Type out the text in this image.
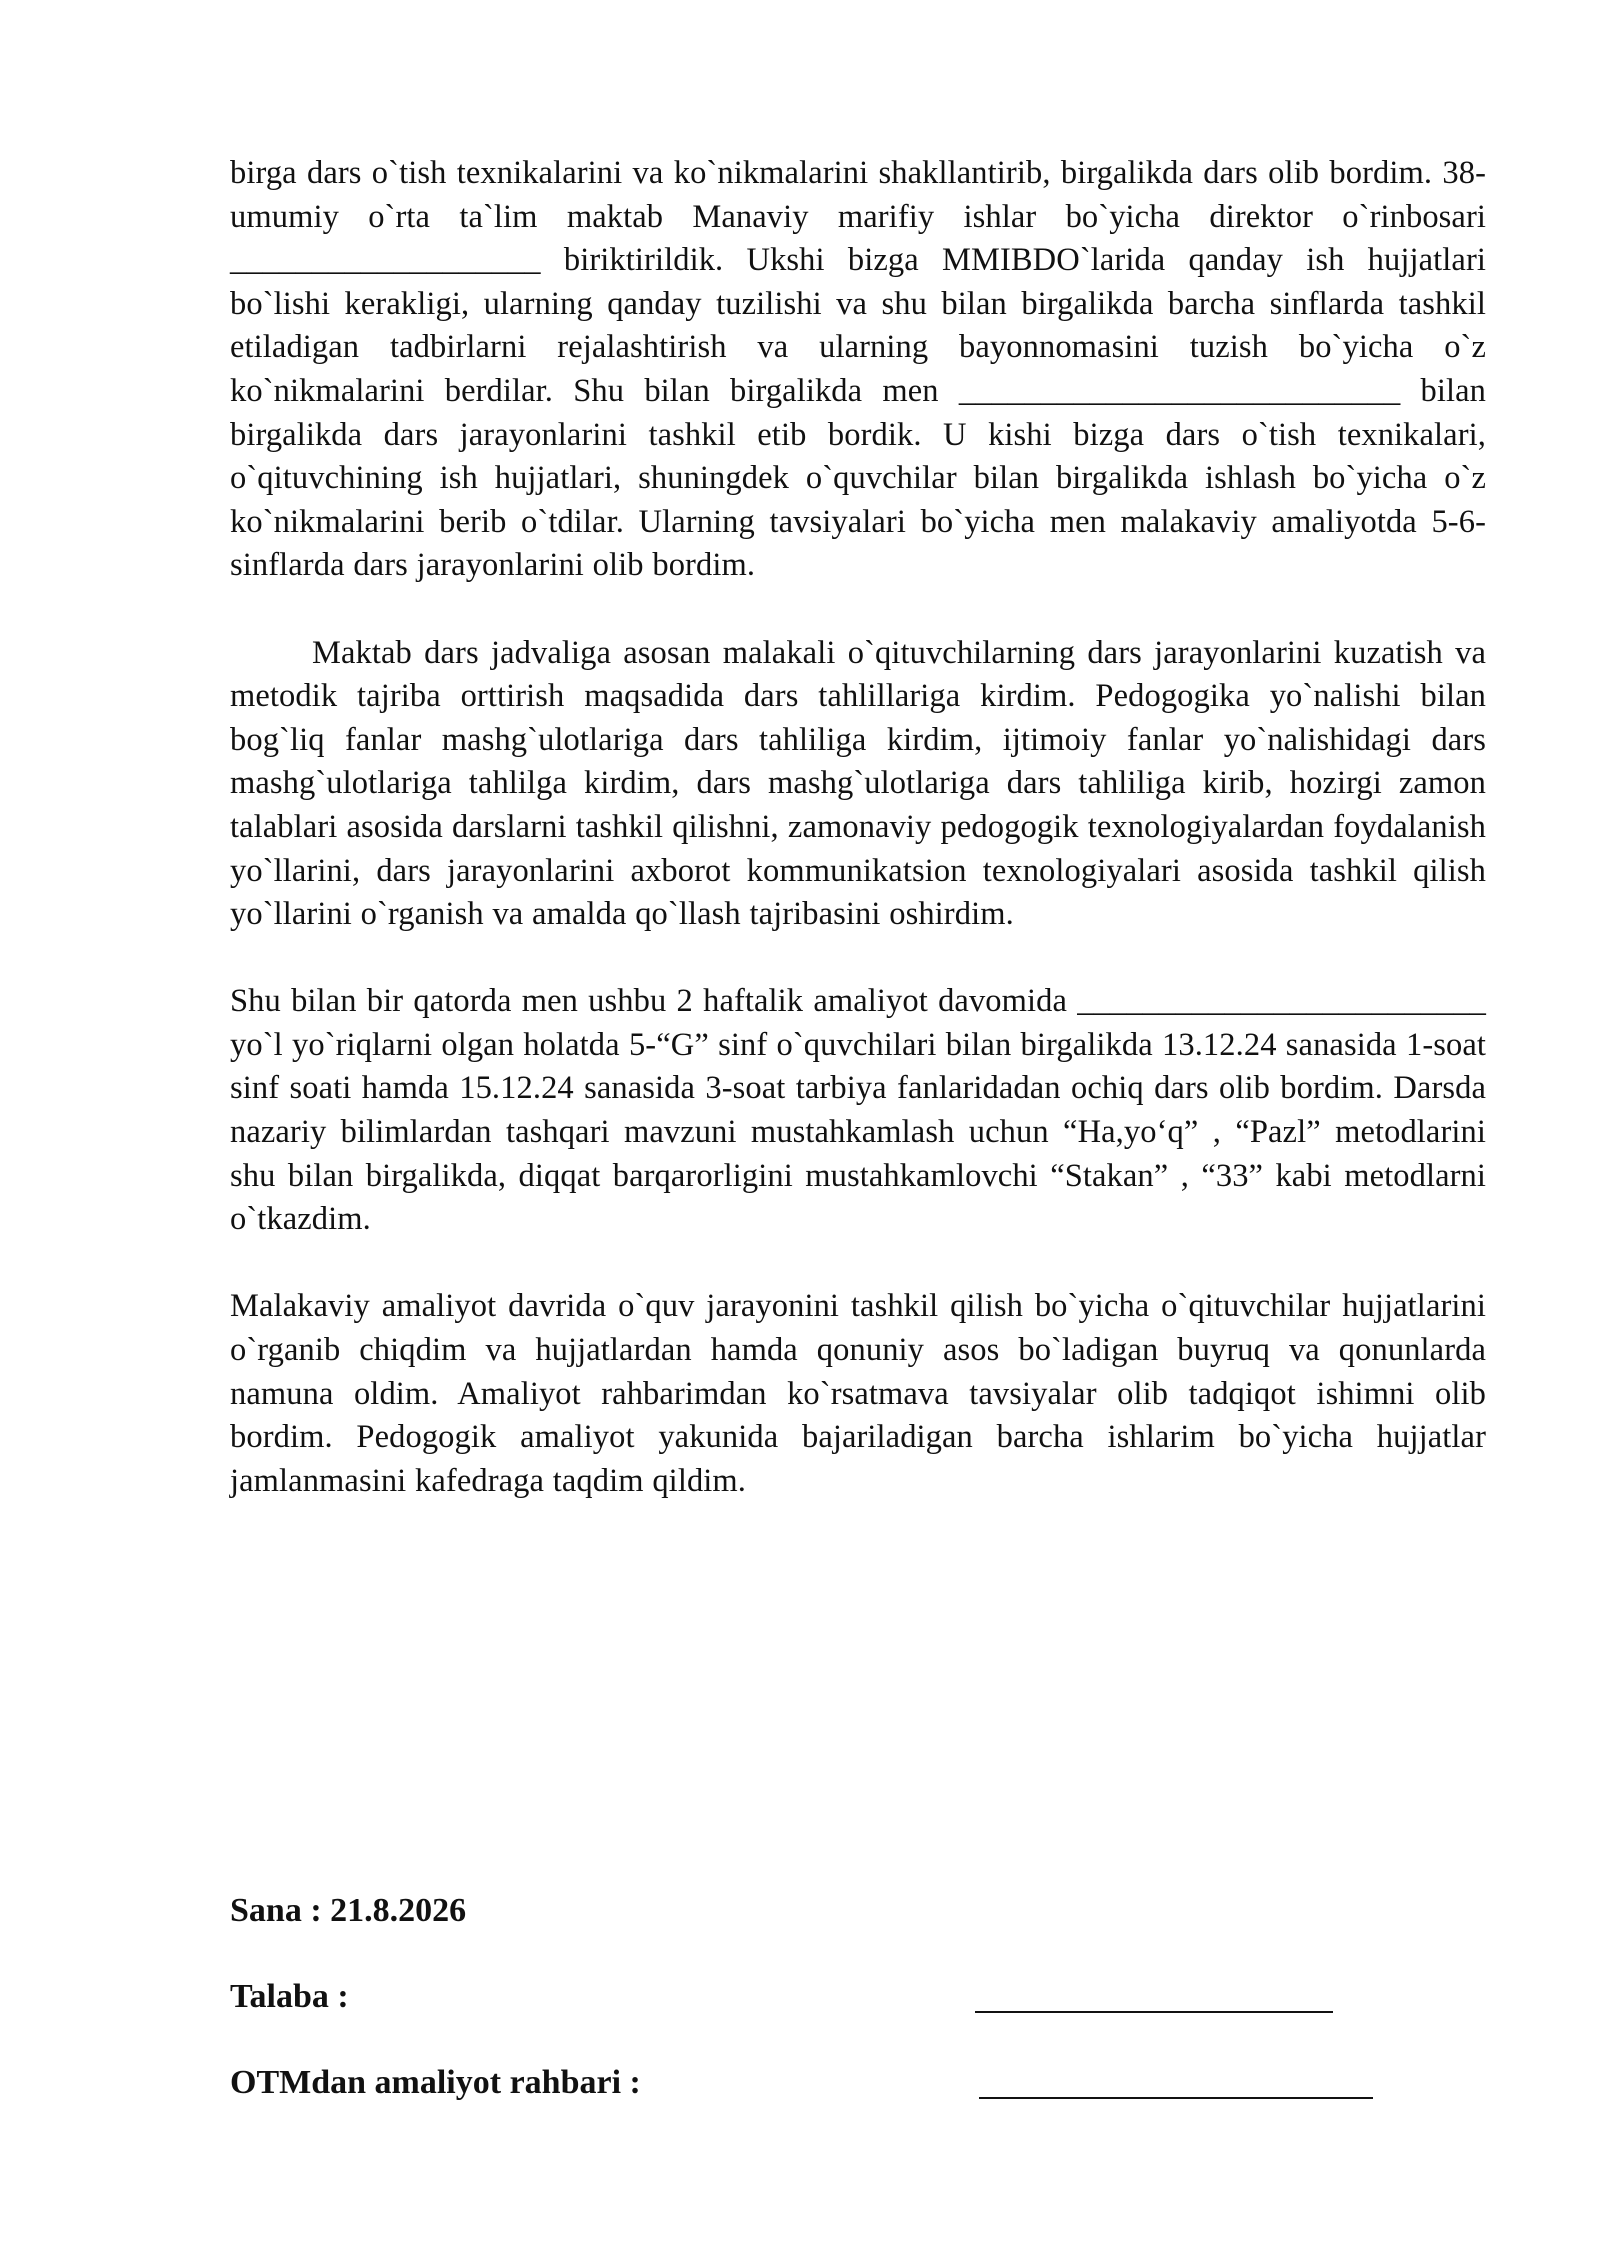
birga dars o`tish texnikalarini va ko`nikmalarini shakllantirib, birgalikda dars olib bordim. 38-umumiy o`rta ta`lim maktab Manaviy marifiy ishlar bo`yicha direktor o`rinbosari ___________________ biriktirildik. Ukshi bizga MMIBDO`larida qanday ish hujjatlari bo`lishi kerakligi, ularning qanday tuzilishi va shu bilan birgalikda barcha sinflarda tashkil etiladigan tadbirlarni rejalashtirish va ularning bayonnomasini tuzish bo`yicha o`z ko`nikmalarini berdilar. Shu bilan birgalikda men ___________________________ bilan birgalikda dars jarayonlarini tashkil etib bordik. U kishi bizga dars o`tish texnikalari, o`qituvchining ish hujjatlari, shuningdek o`quvchilar bilan birgalikda ishlash bo`yicha o`z ko`nikmalarini berib o`tdilar. Ularning tavsiyalari bo`yicha men malakaviy amaliyotda 5-6-sinflarda dars jarayonlarini olib bordim.

Maktab dars jadvaliga asosan malakali o`qituvchilarning dars jarayonlarini kuzatish va metodik tajriba orttirish maqsadida dars tahlillariga kirdim. Pedogogika yo`nalishi bilan bog`liq fanlar mashg`ulotlariga dars tahliliga kirdim, ijtimoiy fanlar yo`nalishidagi dars mashg`ulotlariga tahlilga kirdim, dars mashg`ulotlariga dars tahliliga kirib, hozirgi zamon talablari asosida darslarni tashkil qilishni, zamonaviy pedogogik texnologiyalardan foydalanish yo`llarini, dars jarayonlarini axborot kommunikatsion texnologiyalari asosida tashkil qilish yo`llarini o`rganish va amalda qo`llash tajribasini oshirdim.

Shu bilan bir qatorda men ushbu 2 haftalik amaliyot davomida _________________________ yo`l yo`riqlarni olgan holatda 5-“G” sinf o`quvchilari bilan birgalikda 13.12.24 sanasida 1-soat sinf soati hamda 15.12.24 sanasida 3-soat tarbiya fanlaridadan ochiq dars olib bordim. Darsda nazariy bilimlardan tashqari mavzuni mustahkamlash uchun “Ha,yo‘q” , “Pazl” metodlarini shu bilan birgalikda, diqqat barqarorligini mustahkamlovchi “Stakan” , “33” kabi metodlarni o`tkazdim.

Malakaviy amaliyot davrida o`quv jarayonini tashkil qilish bo`yicha o`qituvchilar hujjatlarini o`rganib chiqdim va hujjatlardan hamda qonuniy asos bo`ladigan buyruq va qonunlarda namuna oldim. Amaliyot rahbarimdan ko`rsatmava tavsiyalar olib tadqiqot ishimni olib bordim. Pedogogik amaliyot yakunida bajariladigan barcha ishlarim bo`yicha hujjatlar jamlanmasini kafedraga taqdim qildim.

Sana : 21.8.2026
Talaba :
OTMdan amaliyot rahbari :
